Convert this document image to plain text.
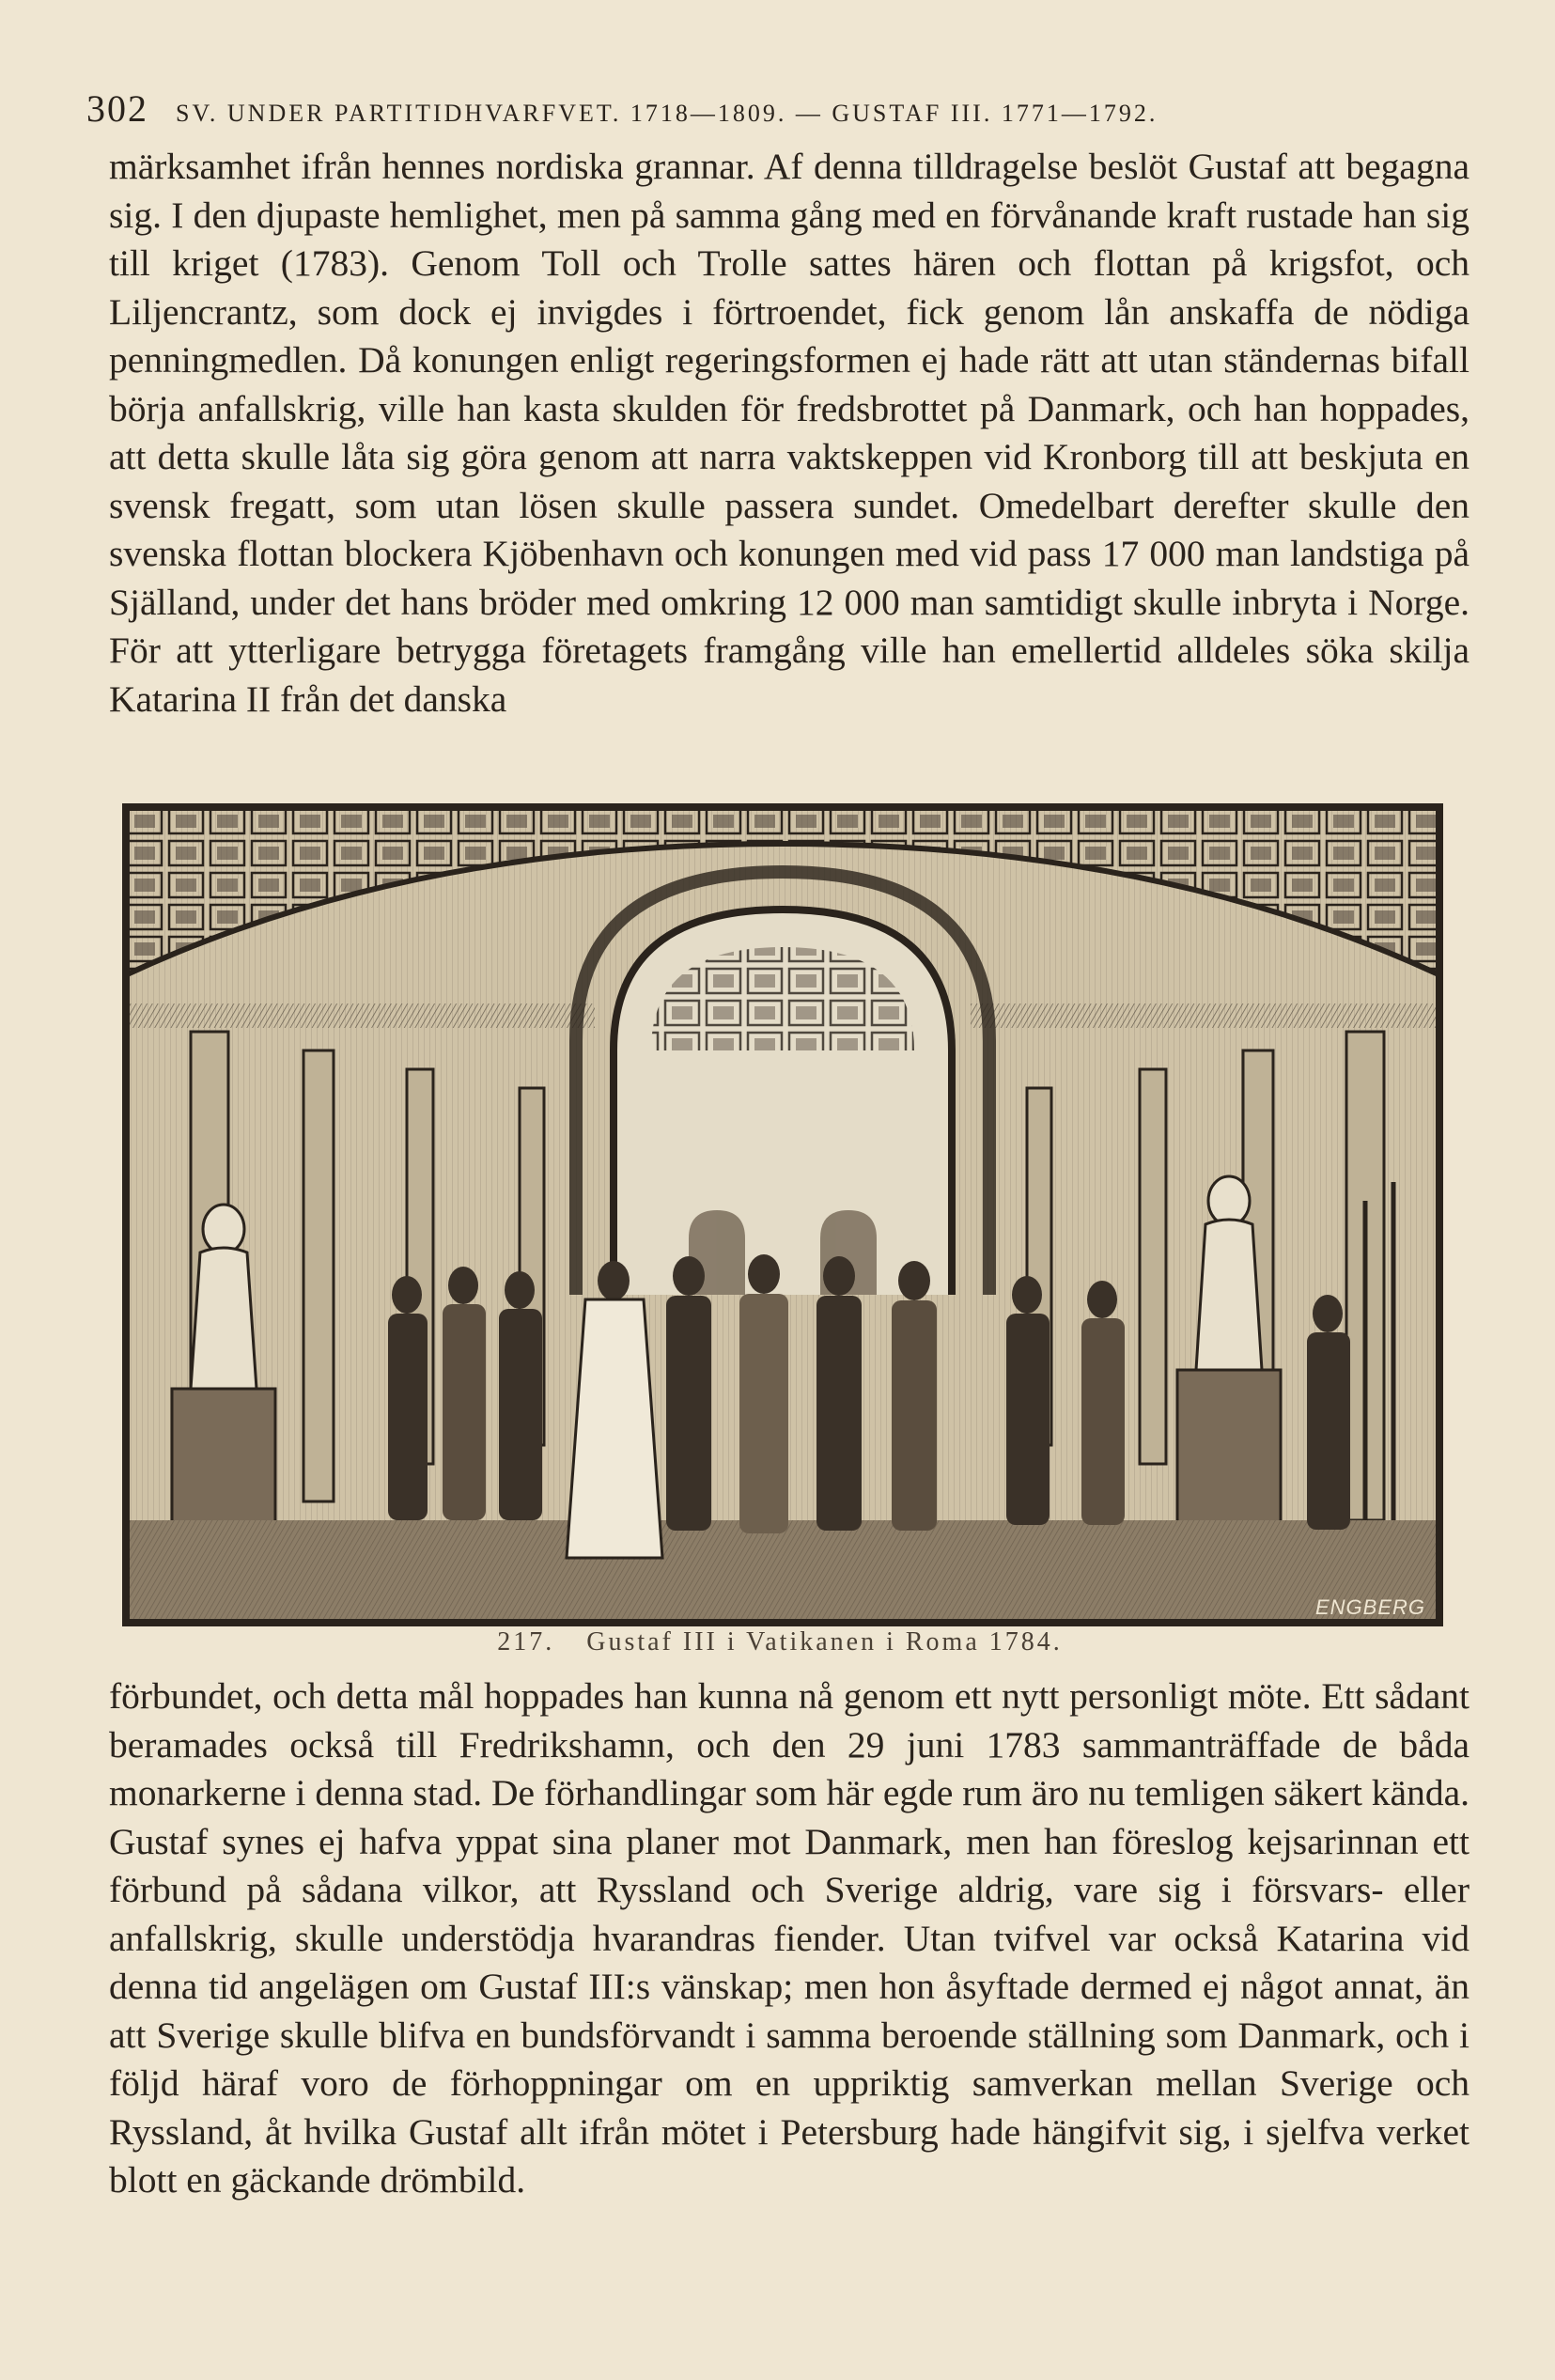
302 SV. UNDER PARTITIDHVARFVET. 1718—1809. — GUSTAF III. 1771—1792.

märksamhet ifrån hennes nordiska grannar. Af denna tilldragelse beslöt Gustaf att begagna sig. I den djupaste hemlighet, men på samma gång med en förvånande kraft rustade han sig till kriget (1783). Genom Toll och Trolle sattes hären och flottan på krigsfot, och Liljencrantz, som dock ej invigdes i förtroendet, fick genom lån anskaffa de nödiga penningmedlen. Då konungen enligt regeringsformen ej hade rätt att utan ständernas bifall börja anfallskrig, ville han kasta skulden för fredsbrottet på Danmark, och han hoppades, att detta skulle låta sig göra genom att narra vaktskeppen vid Kronborg till att beskjuta en svensk fregatt, som utan lösen skulle passera sundet. Omedelbart derefter skulle den svenska flottan blockera Kjöbenhavn och konungen med vid pass 17 000 man landstiga på Själland, under det hans bröder med omkring 12 000 man samtidigt skulle inbryta i Norge. För att ytterligare betrygga företagets framgång ville han emellertid alldeles söka skilja Katarina II från det danska

ENGBERG
217. Gustaf III i Vatikanen i Roma 1784.

förbundet, och detta mål hoppades han kunna nå genom ett nytt personligt möte. Ett sådant beramades också till Fredrikshamn, och den 29 juni 1783 sammanträffade de båda monarkerne i denna stad. De förhandlingar som här egde rum äro nu temligen säkert kända. Gustaf synes ej hafva yppat sina planer mot Danmark, men han föreslog kejsarinnan ett förbund på sådana vilkor, att Ryssland och Sverige aldrig, vare sig i försvars- eller anfallskrig, skulle understödja hvarandras fiender. Utan tvifvel var också Katarina vid denna tid angelägen om Gustaf III:s vänskap; men hon åsyftade dermed ej något annat, än att Sverige skulle blifva en bundsförvandt i samma beroende ställning som Danmark, och i följd häraf voro de förhoppningar om en uppriktig samverkan mellan Sverige och Ryssland, åt hvilka Gustaf allt ifrån mötet i Petersburg hade hängifvit sig, i sjelfva verket blott en gäckande drömbild.
